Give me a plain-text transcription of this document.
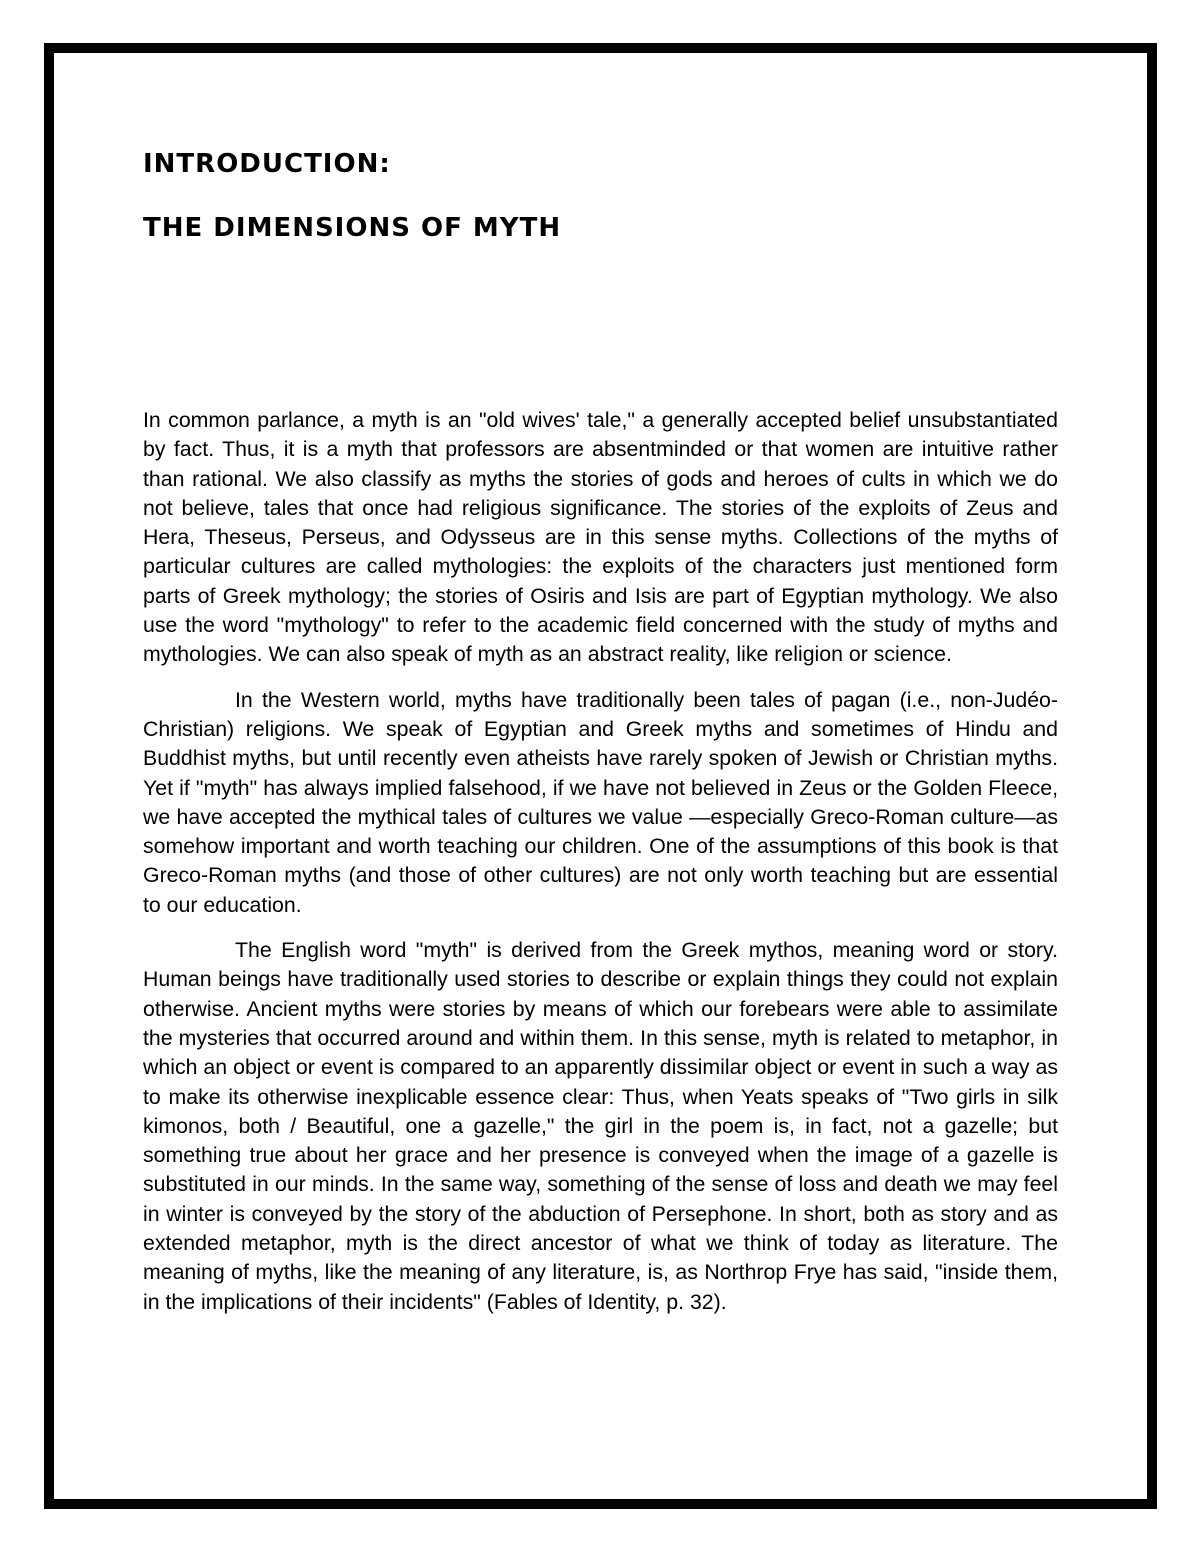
INTRODUCTION:
THE DIMENSIONS OF MYTH

In common parlance, a myth is an "old wives' tale," a generally accepted belief unsubstantiated by fact. Thus, it is a myth that professors are absentminded or that women are intuitive rather than rational. We also classify as myths the stories of gods and heroes of cults in which we do not believe, tales that once had religious significance. The stories of the exploits of Zeus and Hera, Theseus, Perseus, and Odysseus are in this sense myths. Collections of the myths of particular cultures are called mythologies: the exploits of the characters just mentioned form parts of Greek mythology; the stories of Osiris and Isis are part of Egyptian mythology. We also use the word "mythology" to refer to the academic field concerned with the study of myths and mythologies. We can also speak of myth as an abstract reality, like religion or science.

In the Western world, myths have traditionally been tales of pagan (i.e., non-Judéo-Christian) religions. We speak of Egyptian and Greek myths and sometimes of Hindu and Buddhist myths, but until recently even atheists have rarely spoken of Jewish or Christian myths. Yet if "myth" has always implied falsehood, if we have not believed in Zeus or the Golden Fleece, we have accepted the mythical tales of cultures we value —especially Greco-Roman culture—as somehow important and worth teaching our children. One of the assumptions of this book is that Greco-Roman myths (and those of other cultures) are not only worth teaching but are essential to our education.

The English word "myth" is derived from the Greek mythos, meaning word or story. Human beings have traditionally used stories to describe or explain things they could not explain otherwise. Ancient myths were stories by means of which our forebears were able to assimilate the mysteries that occurred around and within them. In this sense, myth is related to metaphor, in which an object or event is compared to an apparently dissimilar object or event in such a way as to make its otherwise inexplicable essence clear: Thus, when Yeats speaks of "Two girls in silk kimonos, both / Beautiful, one a gazelle," the girl in the poem is, in fact, not a gazelle; but something true about her grace and her presence is conveyed when the image of a gazelle is substituted in our minds. In the same way, something of the sense of loss and death we may feel in winter is conveyed by the story of the abduction of Persephone. In short, both as story and as extended metaphor, myth is the direct ancestor of what we think of today as literature. The meaning of myths, like the meaning of any literature, is, as Northrop Frye has said, "inside them, in the implications of their incidents" (Fables of Identity, p. 32).
